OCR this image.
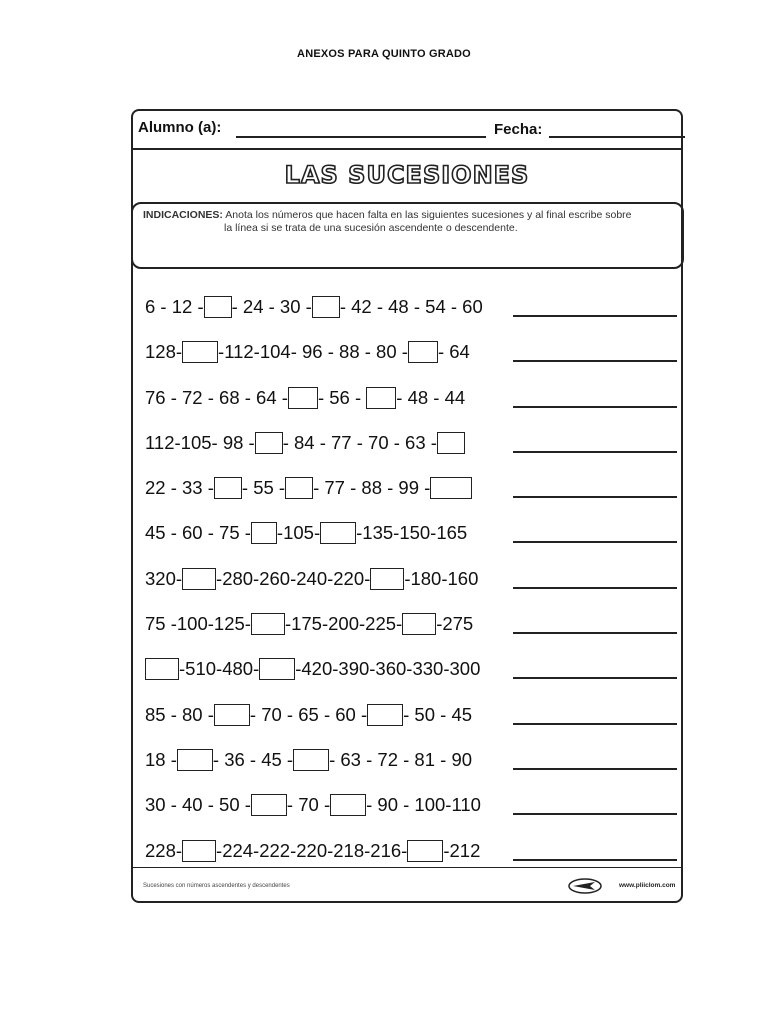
ANEXOS PARA QUINTO GRADO
Alumno (a):	Fecha:
LAS SUCESIONES
INDICACIONES: Anota los números que hacen falta en las siguientes sucesiones y al final escribe sobre
la línea si se trata de una sucesión ascendente o descendente.
6 - 12 - - 24 - 30 - - 42 - 48 - 54 - 60
128- -112-104- 96 - 88 - 80 - - 64
76 - 72 - 68 - 64 - - 56 - - 48 - 44
112-105- 98 - - 84 - 77 - 70 - 63 -
22 - 33 - - 55 - - 77 - 88 - 99 -
45 - 60 - 75 - -105- -135-150-165
320- -280-260-240-220- -180-160
75 -100-125- -175-200-225- -275
-510-480- -420-390-360-330-300
85 - 80 - - 70 - 65 - 60 - - 50 - 45
18 - - 36 - 45 - - 63 - 72 - 81 - 90
30 - 40 - 50 - - 70 - - 90 - 100-110
228- -224-222-220-218-216- -212
Sucesiones con números ascendentes y descendentes	www.pliiclom.com
